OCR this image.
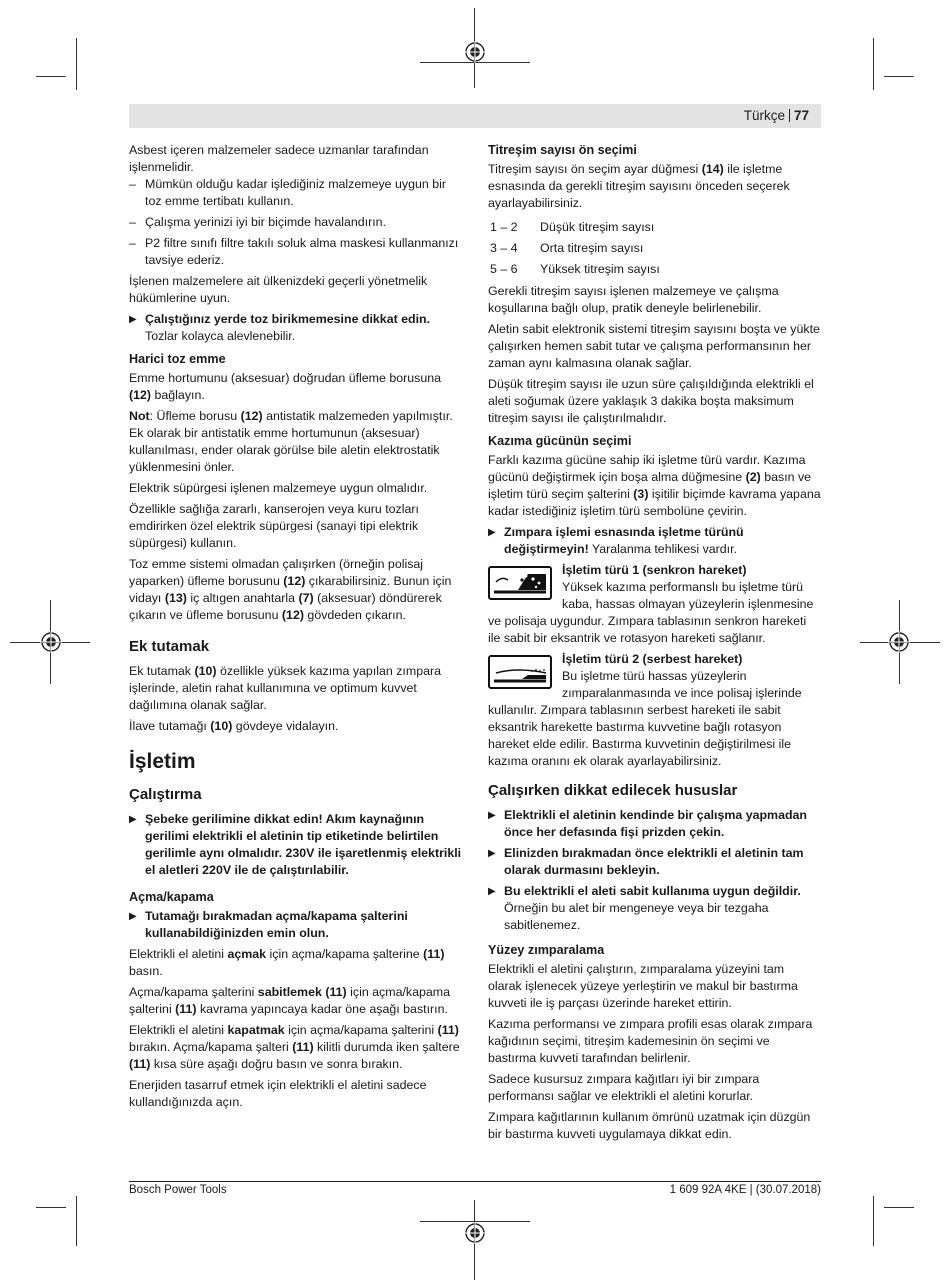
Türkçe 77

Asbest içeren malzemeler sadece uzmanlar tarafından işlenmelidir.

– Mümkün olduğu kadar işlediğiniz malzemeye uygun bir toz emme tertibatı kullanın.

– Çalışma yerinizi iyi bir biçimde havalandırın.

– P2 filtre sınıfı filtre takılı soluk alma maskesi kullanmanızı tavsiye ederiz.

İşlenen malzemelere ait ülkenizdeki geçerli yönetmelik hükümlerine uyun.

▶ Çalıştığınız yerde toz birikmemesine dikkat edin.
Tozlar kolayca alevlenebilir.
Harici toz emme

Emme hortumunu (aksesuar) doğrudan üfleme borusuna (12) bağlayın.

Not: Üfleme borusu (12) antistatik malzemeden yapılmıştır. Ek olarak bir antistatik emme hortumunun (aksesuar) kullanılması, ender olarak görülse bile aletin elektrostatik yüklenmesini önler.

Elektrik süpürgesi işlenen malzemeye uygun olmalıdır.

Özellikle sağlığa zararlı, kanserojen veya kuru tozları emdirirken özel elektrik süpürgesi (sanayi tipi elektrik süpürgesi) kullanın.

Toz emme sistemi olmadan çalışırken (örneğin polisaj yaparken) üfleme borusunu (12) çıkarabilirsiniz. Bunun için vidayı (13) iç altıgen anahtarla (7) (aksesuar) döndürerek çıkarın ve üfleme borusunu (12) gövdeden çıkarın.

Ek tutamak

Ek tutamak (10) özellikle yüksek kazıma yapılan zımpara işlerinde, aletin rahat kullanımına ve optimum kuvvet dağılımına olanak sağlar.

İlave tutamağı (10) gövdeye vidalayın.

İşletim
Çalıştırma
▶ Şebeke gerilimine dikkat edin! Akım kaynağının gerilimi elektrikli el aletinin tip etiketinde belirtilen gerilimle aynı olmalıdır. 230V ile işaretlenmiş elektrikli el aletleri 220V ile de çalıştırılabilir.
Açma/kapama
▶ Tutamağı bırakmadan açma/kapama şalterini kullanabildiğinizden emin olun.

Elektrikli el aletini açmak için açma/kapama şalterine (11) basın.

Açma/kapama şalterini sabitlemek (11) için açma/kapama şalterini (11) kavrama yapıncaya kadar öne aşağı bastırın.

Elektrikli el aletini kapatmak için açma/kapama şalterini (11) bırakın. Açma/kapama şalteri (11) kilitli durumda iken şaltere (11) kısa süre aşağı doğru basın ve sonra bırakın.

Enerjiden tasarruf etmek için elektrikli el aletini sadece kullandığınızda açın.

Titreşim sayısı ön seçimi

Titreşim sayısı ön seçim ayar düğmesi (14) ile işletme esnasında da gerekli titreşim sayısını önceden seçerek ayarlayabilirsiniz.

1 – 2	Düşük titreşim sayısı
3 – 4	Orta titreşim sayısı
5 – 6	Yüksek titreşim sayısı

Gerekli titreşim sayısı işlenen malzemeye ve çalışma koşullarına bağlı olup, pratik deneyle belirlenebilir.

Aletin sabit elektronik sistemi titreşim sayısını boşta ve yükte çalışırken hemen sabit tutar ve çalışma performansının her zaman aynı kalmasına olanak sağlar.

Düşük titreşim sayısı ile uzun süre çalışıldığında elektrikli el aleti soğumak üzere yaklaşık 3 dakika boşta maksimum titreşim sayısı ile çalıştırılmalıdır.

Kazıma gücünün seçimi

Farklı kazıma gücüne sahip iki işletme türü vardır. Kazıma gücünü değiştirmek için boşa alma düğmesine (2) basın ve işletim türü seçim şalterini (3) işitilir biçimde kavrama yapana kadar istediğiniz işletim türü sembolüne çevirin.

▶ Zımpara işlemi esnasında işletme türünü değiştirmeyin! Yaralanma tehlikesi vardır.
İşletim türü 1 (senkron hareket)

Yüksek kazıma performanslı bu işletme türü kaba, hassas olmayan yüzeylerin işlenmesine ve polisaja uygundur. Zımpara tablasının senkron hareketi ile sabit bir eksantrik ve rotasyon hareketi sağlanır.

İşletim türü 2 (serbest hareket)

Bu işletme türü hassas yüzeylerin zımparalanmasında ve ince polisaj işlerinde kullanılır. Zımpara tablasının serbest hareketi ile sabit eksantrik harekette bastırma kuvvetine bağlı rotasyon hareket elde edilir. Bastırma kuvvetinin değiştirilmesi ile kazıma oranını ek olarak ayarlayabilirsiniz.

Çalışırken dikkat edilecek hususlar
▶ Elektrikli el aletinin kendinde bir çalışma yapmadan önce her defasında fişi prizden çekin.
▶ Elinizden bırakmadan önce elektrikli el aletinin tam olarak durmasını bekleyin.
▶ Bu elektrikli el aleti sabit kullanıma uygun değildir.
Örneğin bu alet bir mengeneye veya bir tezgaha sabitlenemez.
Yüzey zımparalama

Elektrikli el aletini çalıştırın, zımparalama yüzeyini tam olarak işlenecek yüzeye yerleştirin ve makul bir bastırma kuvveti ile iş parçası üzerinde hareket ettirin.

Kazıma performansı ve zımpara profili esas olarak zımpara kağıdının seçimi, titreşim kademesinin ön seçimi ve bastırma kuvveti tarafından belirlenir.

Sadece kusursuz zımpara kağıtları iyi bir zımpara performansı sağlar ve elektrikli el aletini korurlar.

Zımpara kağıtlarının kullanım ömrünü uzatmak için düzgün bir bastırma kuvveti uygulamaya dikkat edin.

Bosch Power Tools	1 609 92A 4KE | (30.07.2018)
